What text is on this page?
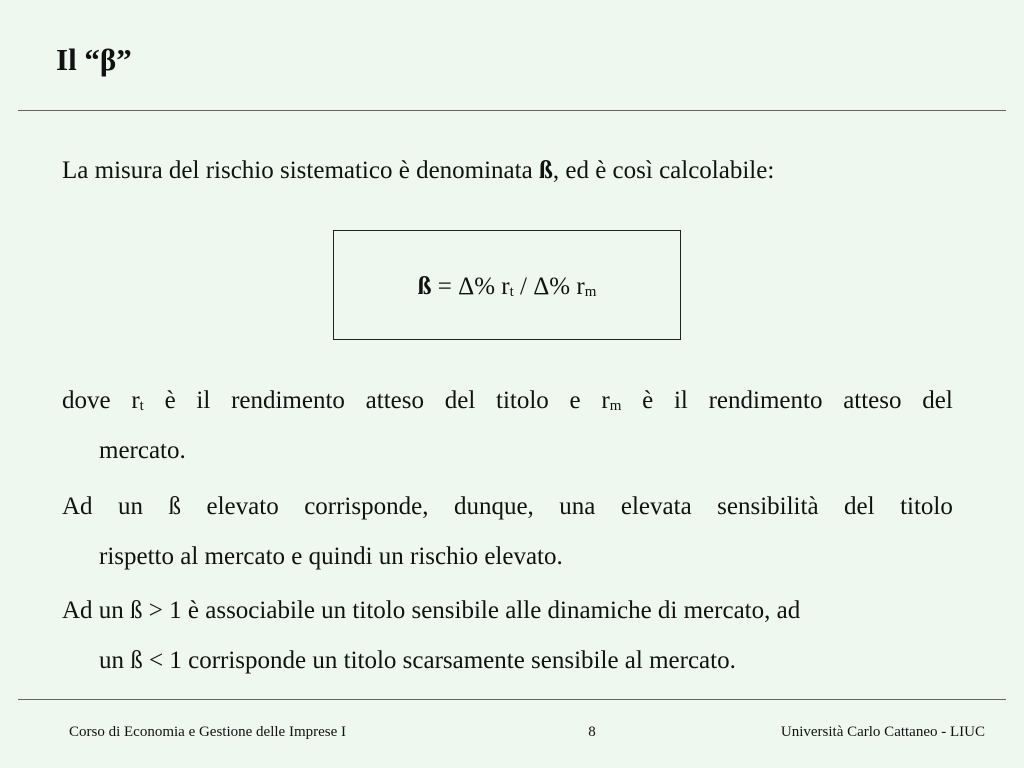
Il “β”
La misura del rischio sistematico è denominata ß, ed è così calcolabile:
ß = Δ% $r_t / \Delta\%$ $r_m$
dove $r_t$ è il rendimento atteso del titolo e $r_m$ è il rendimento atteso del
mercato.
Ad un ß elevato corrisponde, dunque, una elevata sensibilità del titolo
rispetto al mercato e quindi un rischio elevato.
Ad un ß > 1 è associabile un titolo sensibile alle dinamiche di mercato, ad
un ß < 1 corrisponde un titolo scarsamente sensibile al mercato.
Corso di Economia e Gestione delle Imprese I	8	Università Carlo Cattaneo - LIUC
